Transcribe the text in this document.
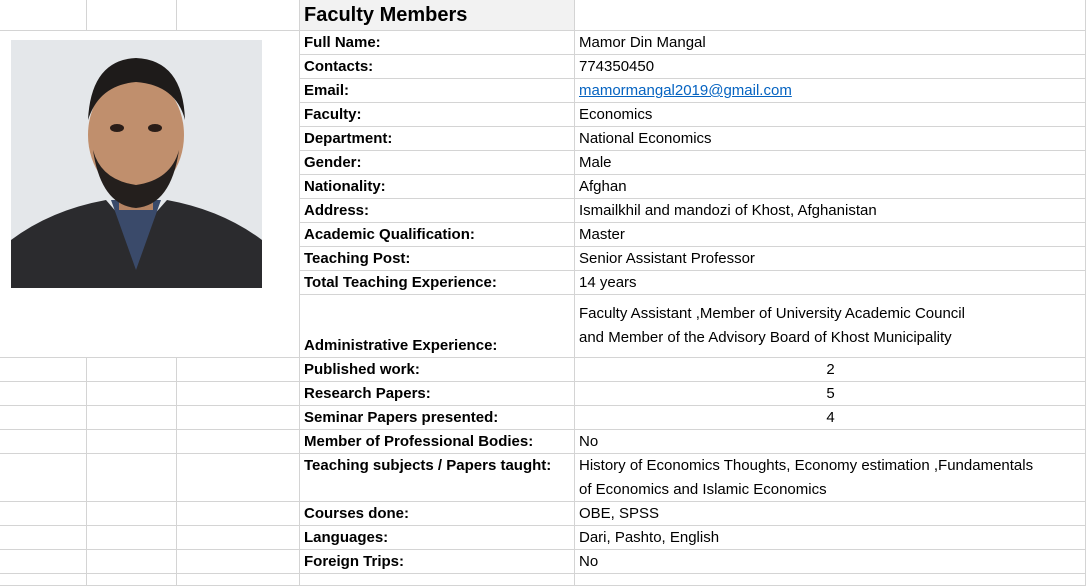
Faculty Members
Full Name:	Mamor Din Mangal
Contacts:	774350450
Email:	mamormangal2019@gmail.com
Faculty:	Economics
Department:	National Economics
Gender:	Male
Nationality:	Afghan
Address:	Ismailkhil and mandozi of Khost, Afghanistan
Academic Qualification:	Master
Teaching Post:	Senior Assistant Professor
Total Teaching Experience:	14 years
Administrative Experience:
Faculty Assistant ,Member of University Academic Council
and Member of the Advisory Board of Khost Municipality
Published work:	2
Research Papers:	5
Seminar Papers presented:	4
Member of Professional Bodies:	No
Teaching subjects / Papers taught:	History of Economics Thoughts, Economy estimation ,Fundamentals
of Economics and Islamic Economics
Courses done:	OBE, SPSS
Languages:	Dari, Pashto, English
Foreign Trips:	No
